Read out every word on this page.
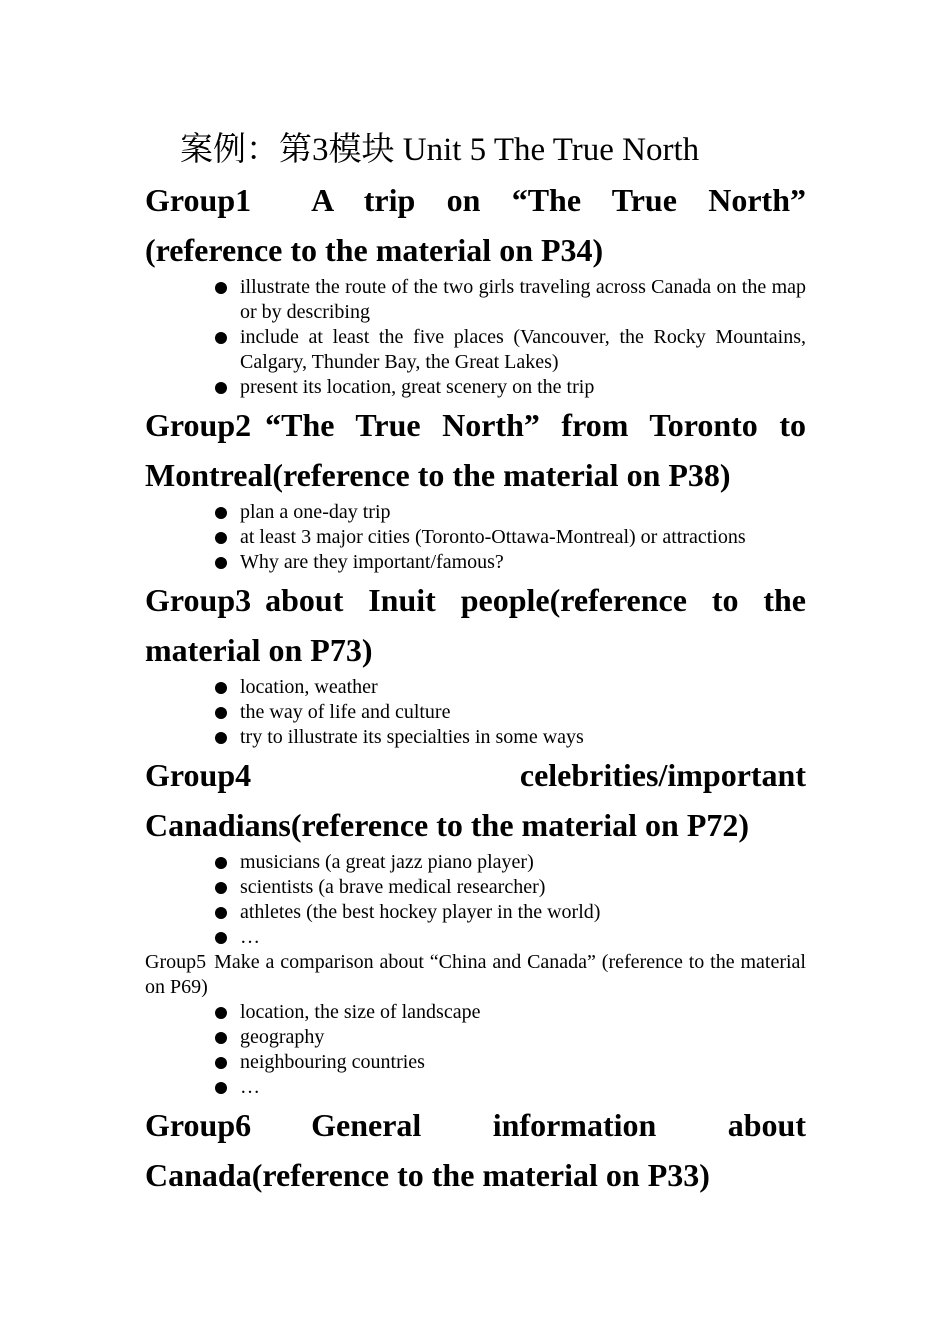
案例：第3模块 Unit 5 The True North

Group1 A trip on “The True North” (reference to the material on P34)

illustrate the route of the two girls traveling across Canada on the map or by describing
include at least the five places (Vancouver, the Rocky Mountains, Calgary, Thunder Bay, the Great Lakes)
present its location, great scenery on the trip

Group2 “The True North” from Toronto to Montreal(reference to the material on P38)

plan a one-day trip
at least 3 major cities (Toronto-Ottawa-Montreal) or attractions
Why are they important/famous?

Group3 about Inuit people(reference to the material on P73)

location, weather
the way of life and culture
try to illustrate its specialties in some ways

Group4	celebrities/important

Canadians(reference to the material on P72)

musicians (a great jazz piano player)
scientists (a brave medical researcher)
athletes (the best hockey player in the world)
…

Group5 Make a comparison about “China and Canada” (reference to the material on P69)

location, the size of landscape
geography
neighbouring countries
…

Group6 General information about Canada(reference to the material on P33)
